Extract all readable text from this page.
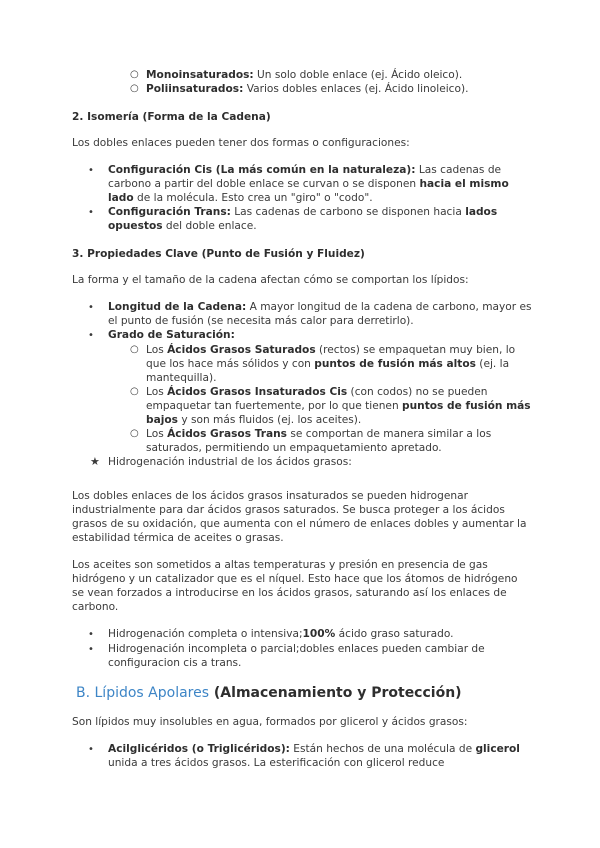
○ Monoinsaturados: Un solo doble enlace (ej. Ácido oleico).
○ Poliinsaturados: Varios dobles enlaces (ej. Ácido linoleico).

2. Isomería (Forma de la Cadena)

Los dobles enlaces pueden tener dos formas o configuraciones:

•	Configuración Cis (La más común en la naturaleza): Las cadenas de carbono a partir del doble enlace se curvan o se disponen hacia el mismo lado de la molécula. Esto crea un "giro" o "codo".
•	Configuración Trans: Las cadenas de carbono se disponen hacia lados opuestos del doble enlace.

3. Propiedades Clave (Punto de Fusión y Fluidez)

La forma y el tamaño de la cadena afectan cómo se comportan los lípidos:

•	Longitud de la Cadena: A mayor longitud de la cadena de carbono, mayor es el punto de fusión (se necesita más calor para derretirlo).
•	Grado de Saturación:
○ Los Ácidos Grasos Saturados (rectos) se empaquetan muy bien, lo que los hace más sólidos y con puntos de fusión más altos (ej. la mantequilla).
○ Los Ácidos Grasos Insaturados Cis (con codos) no se pueden empaquetar tan fuertemente, por lo que tienen puntos de fusión más bajos y son más fluidos (ej. los aceites).
○ Los Ácidos Grasos Trans se comportan de manera similar a los saturados, permitiendo un empaquetamiento apretado.
★ Hidrogenación industrial de los ácidos grasos:

Los dobles enlaces de los ácidos grasos insaturados se pueden hidrogenar industrialmente para dar ácidos grasos saturados. Se busca proteger a los ácidos grasos de su oxidación, que aumenta con el número de enlaces dobles y aumentar la estabilidad térmica de aceites o grasas.

Los aceites son sometidos a altas temperaturas y presión en presencia de gas hidrógeno y un catalizador que es el níquel. Esto hace que los átomos de hidrógeno se vean forzados a introducirse en los ácidos grasos, saturando así los enlaces de carbono.

•	Hidrogenación completa o intensiva;100% ácido graso saturado.
•	Hidrogenación incompleta o parcial;dobles enlaces pueden cambiar de configuracion cis a trans.

B. Lípidos Apolares (Almacenamiento y Protección)

Son lípidos muy insolubles en agua, formados por glicerol y ácidos grasos:

•	Acilglicéridos (o Triglicéridos): Están hechos de una molécula de glicerol unida a tres ácidos grasos. La esterificación con glicerol reduce
